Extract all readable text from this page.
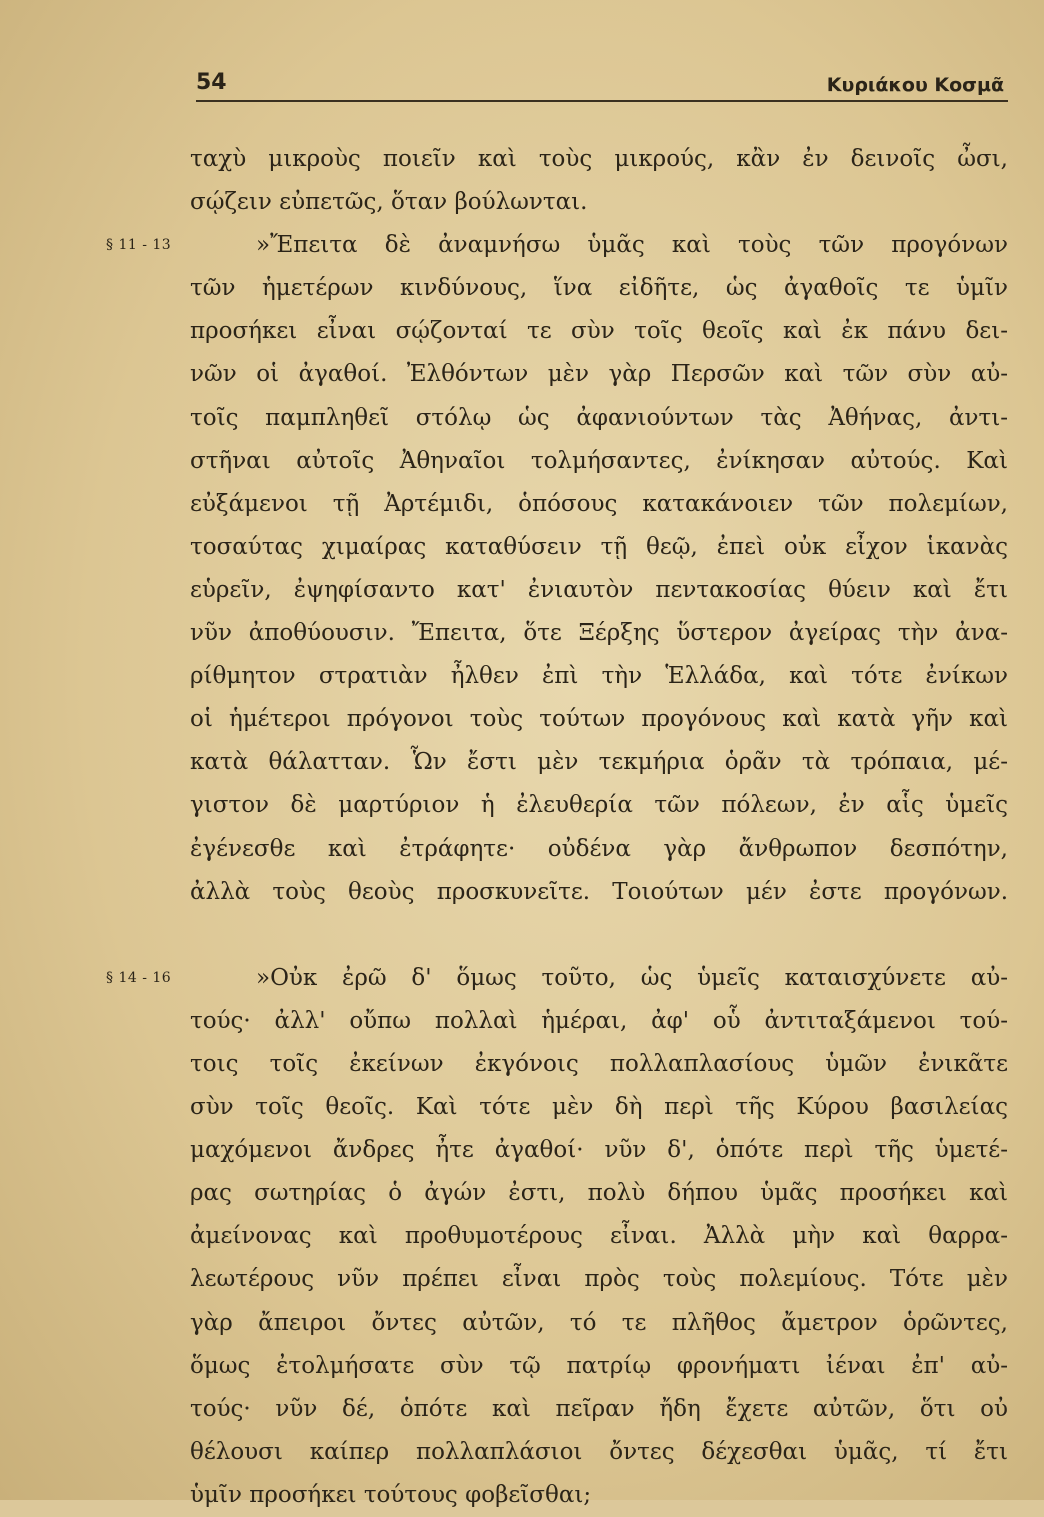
54	Κυριάκου Κοσμᾶ
ταχὺ μικροὺς ποιεῖν καὶ τοὺς μικρούς, κἂν ἐν δεινοῖς ὦσι,
σῴζειν εὐπετῶς, ὅταν βούλωνται.
§ 11 - 13	»Ἔπειτα δὲ ἀναμνήσω ὑμᾶς καὶ τοὺς τῶν προγόνων
τῶν ἡμετέρων κινδύνους, ἵνα εἰδῆτε, ὡς ἀγαθοῖς τε ὑμῖν
προσήκει εἶναι σῴζονταί τε σὺν τοῖς θεοῖς καὶ ἐκ πάνυ δει-
νῶν οἱ ἀγαθοί. Ἐλθόντων μὲν γὰρ Περσῶν καὶ τῶν σὺν αὐ-
τοῖς παμπληθεῖ στόλῳ ὡς ἀφανιούντων τὰς Ἀθήνας, ἀντι-
στῆναι αὐτοῖς Ἀθηναῖοι τολμήσαντες, ἐνίκησαν αὐτούς. Καὶ
εὐξάμενοι τῇ Ἀρτέμιδι, ὁπόσους κατακάνοιεν τῶν πολεμίων,
τοσαύτας χιμαίρας καταθύσειν τῇ θεῷ, ἐπεὶ οὐκ εἶχον ἱκανὰς
εὑρεῖν, ἐψηφίσαντο κατ' ἐνιαυτὸν πεντακοσίας θύειν καὶ ἔτι
νῦν ἀποθύουσιν. Ἔπειτα, ὅτε Ξέρξης ὕστερον ἀγείρας τὴν ἀνα-
ρίθμητον στρατιὰν ἦλθεν ἐπὶ τὴν Ἑλλάδα, καὶ τότε ἐνίκων
οἱ ἡμέτεροι πρόγονοι τοὺς τούτων προγόνους καὶ κατὰ γῆν καὶ
κατὰ θάλατταν. Ὧν ἔστι μὲν τεκμήρια ὁρᾶν τὰ τρόπαια, μέ-
γιστον δὲ μαρτύριον ἡ ἐλευθερία τῶν πόλεων, ἐν αἷς ὑμεῖς
ἐγένεσθε καὶ ἐτράφητε· οὐδένα γὰρ ἄνθρωπον δεσπότην,
ἀλλὰ τοὺς θεοὺς προσκυνεῖτε. Τοιούτων μέν ἐστε προγόνων.
§ 14 - 16	»Οὐκ ἐρῶ δ' ὅμως τοῦτο, ὡς ὑμεῖς καταισχύνετε αὐ-
τούς· ἀλλ' οὔπω πολλαὶ ἡμέραι, ἀφ' οὗ ἀντιταξάμενοι τού-
τοις τοῖς ἐκείνων ἐκγόνοις πολλαπλασίους ὑμῶν ἐνικᾶτε
σὺν τοῖς θεοῖς. Καὶ τότε μὲν δὴ περὶ τῆς Κύρου βασιλείας
μαχόμενοι ἄνδρες ἦτε ἀγαθοί· νῦν δ', ὁπότε περὶ τῆς ὑμετέ-
ρας σωτηρίας ὁ ἀγών ἐστι, πολὺ δήπου ὑμᾶς προσήκει καὶ
ἀμείνονας καὶ προθυμοτέρους εἶναι. Ἀλλὰ μὴν καὶ θαρρα-
λεωτέρους νῦν πρέπει εἶναι πρὸς τοὺς πολεμίους. Τότε μὲν
γὰρ ἄπειροι ὄντες αὐτῶν, τό τε πλῆθος ἄμετρον ὁρῶντες,
ὅμως ἐτολμήσατε σὺν τῷ πατρίῳ φρονήματι ἰέναι ἐπ' αὐ-
τούς· νῦν δέ, ὁπότε καὶ πεῖραν ἤδη ἔχετε αὐτῶν, ὅτι οὐ
θέλουσι καίπερ πολλαπλάσιοι ὄντες δέχεσθαι ὑμᾶς, τί ἔτι
ὑμῖν προσήκει τούτους φοβεῖσθαι;
